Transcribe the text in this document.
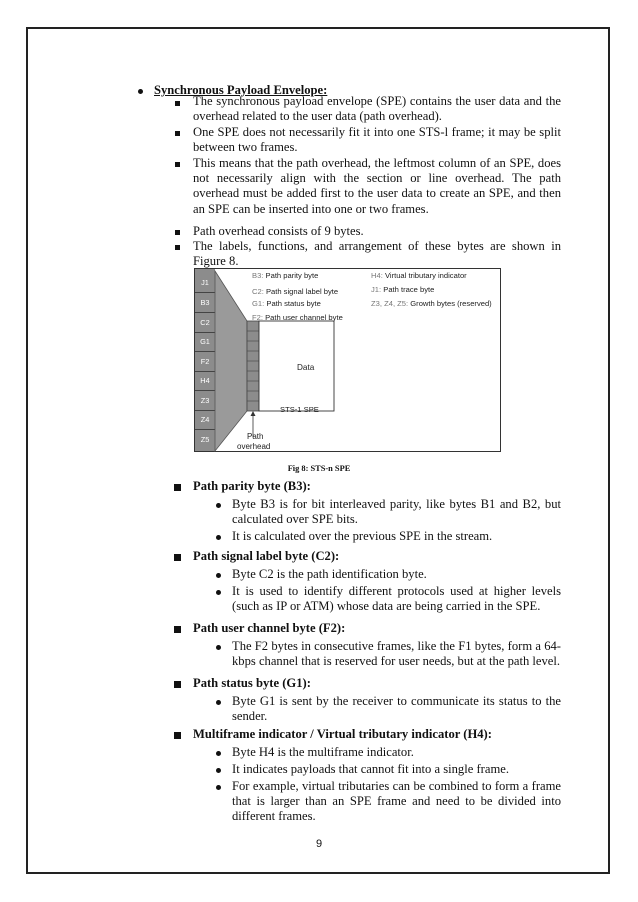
Synchronous Payload Envelope:
The synchronous payload envelope (SPE) contains the user data and the overhead related to the user data (path overhead).
One SPE does not necessarily fit it into one STS-l frame; it may be split between two frames.
This means that the path overhead, the leftmost column of an SPE, does not necessarily align with the section or line overhead. The path overhead must be added first to the user data to create an SPE, and then an SPE can be inserted into one or two frames.
Path overhead consists of 9 bytes.
The labels, functions, and arrangement of these bytes are shown in Figure 8.
J1
B3
C2
G1
F2
H4
Z3
Z4
Z5
Data
STS-1 SPE
Path
overhead
B3: Path parity byte
C2: Path signal label byte
G1: Path status byte
F2: Path user channel byte
H4: Virtual tributary indicator
J1: Path trace byte
Z3, Z4, Z5: Growth bytes (reserved)
Fig 8: STS-n SPE
Path parity byte (B3):
Byte B3 is for bit interleaved parity, like bytes B1 and B2, but calculated over SPE bits.
It is calculated over the previous SPE in the stream.
Path signal label byte (C2):
Byte C2 is the path identification byte.
It is used to identify different protocols used at higher levels (such as IP or ATM) whose data are being carried in the SPE.
Path user channel byte (F2):
The F2 bytes in consecutive frames, like the F1 bytes, form a 64-kbps channel that is reserved for user needs, but at the path level.
Path status byte (G1):
Byte G1 is sent by the receiver to communicate its status to the sender.
Multiframe indicator / Virtual tributary indicator (H4):
Byte H4 is the multiframe indicator.
It indicates payloads that cannot fit into a single frame.
For example, virtual tributaries can be combined to form a frame that is larger than an SPE frame and need to be divided into different frames.
9
